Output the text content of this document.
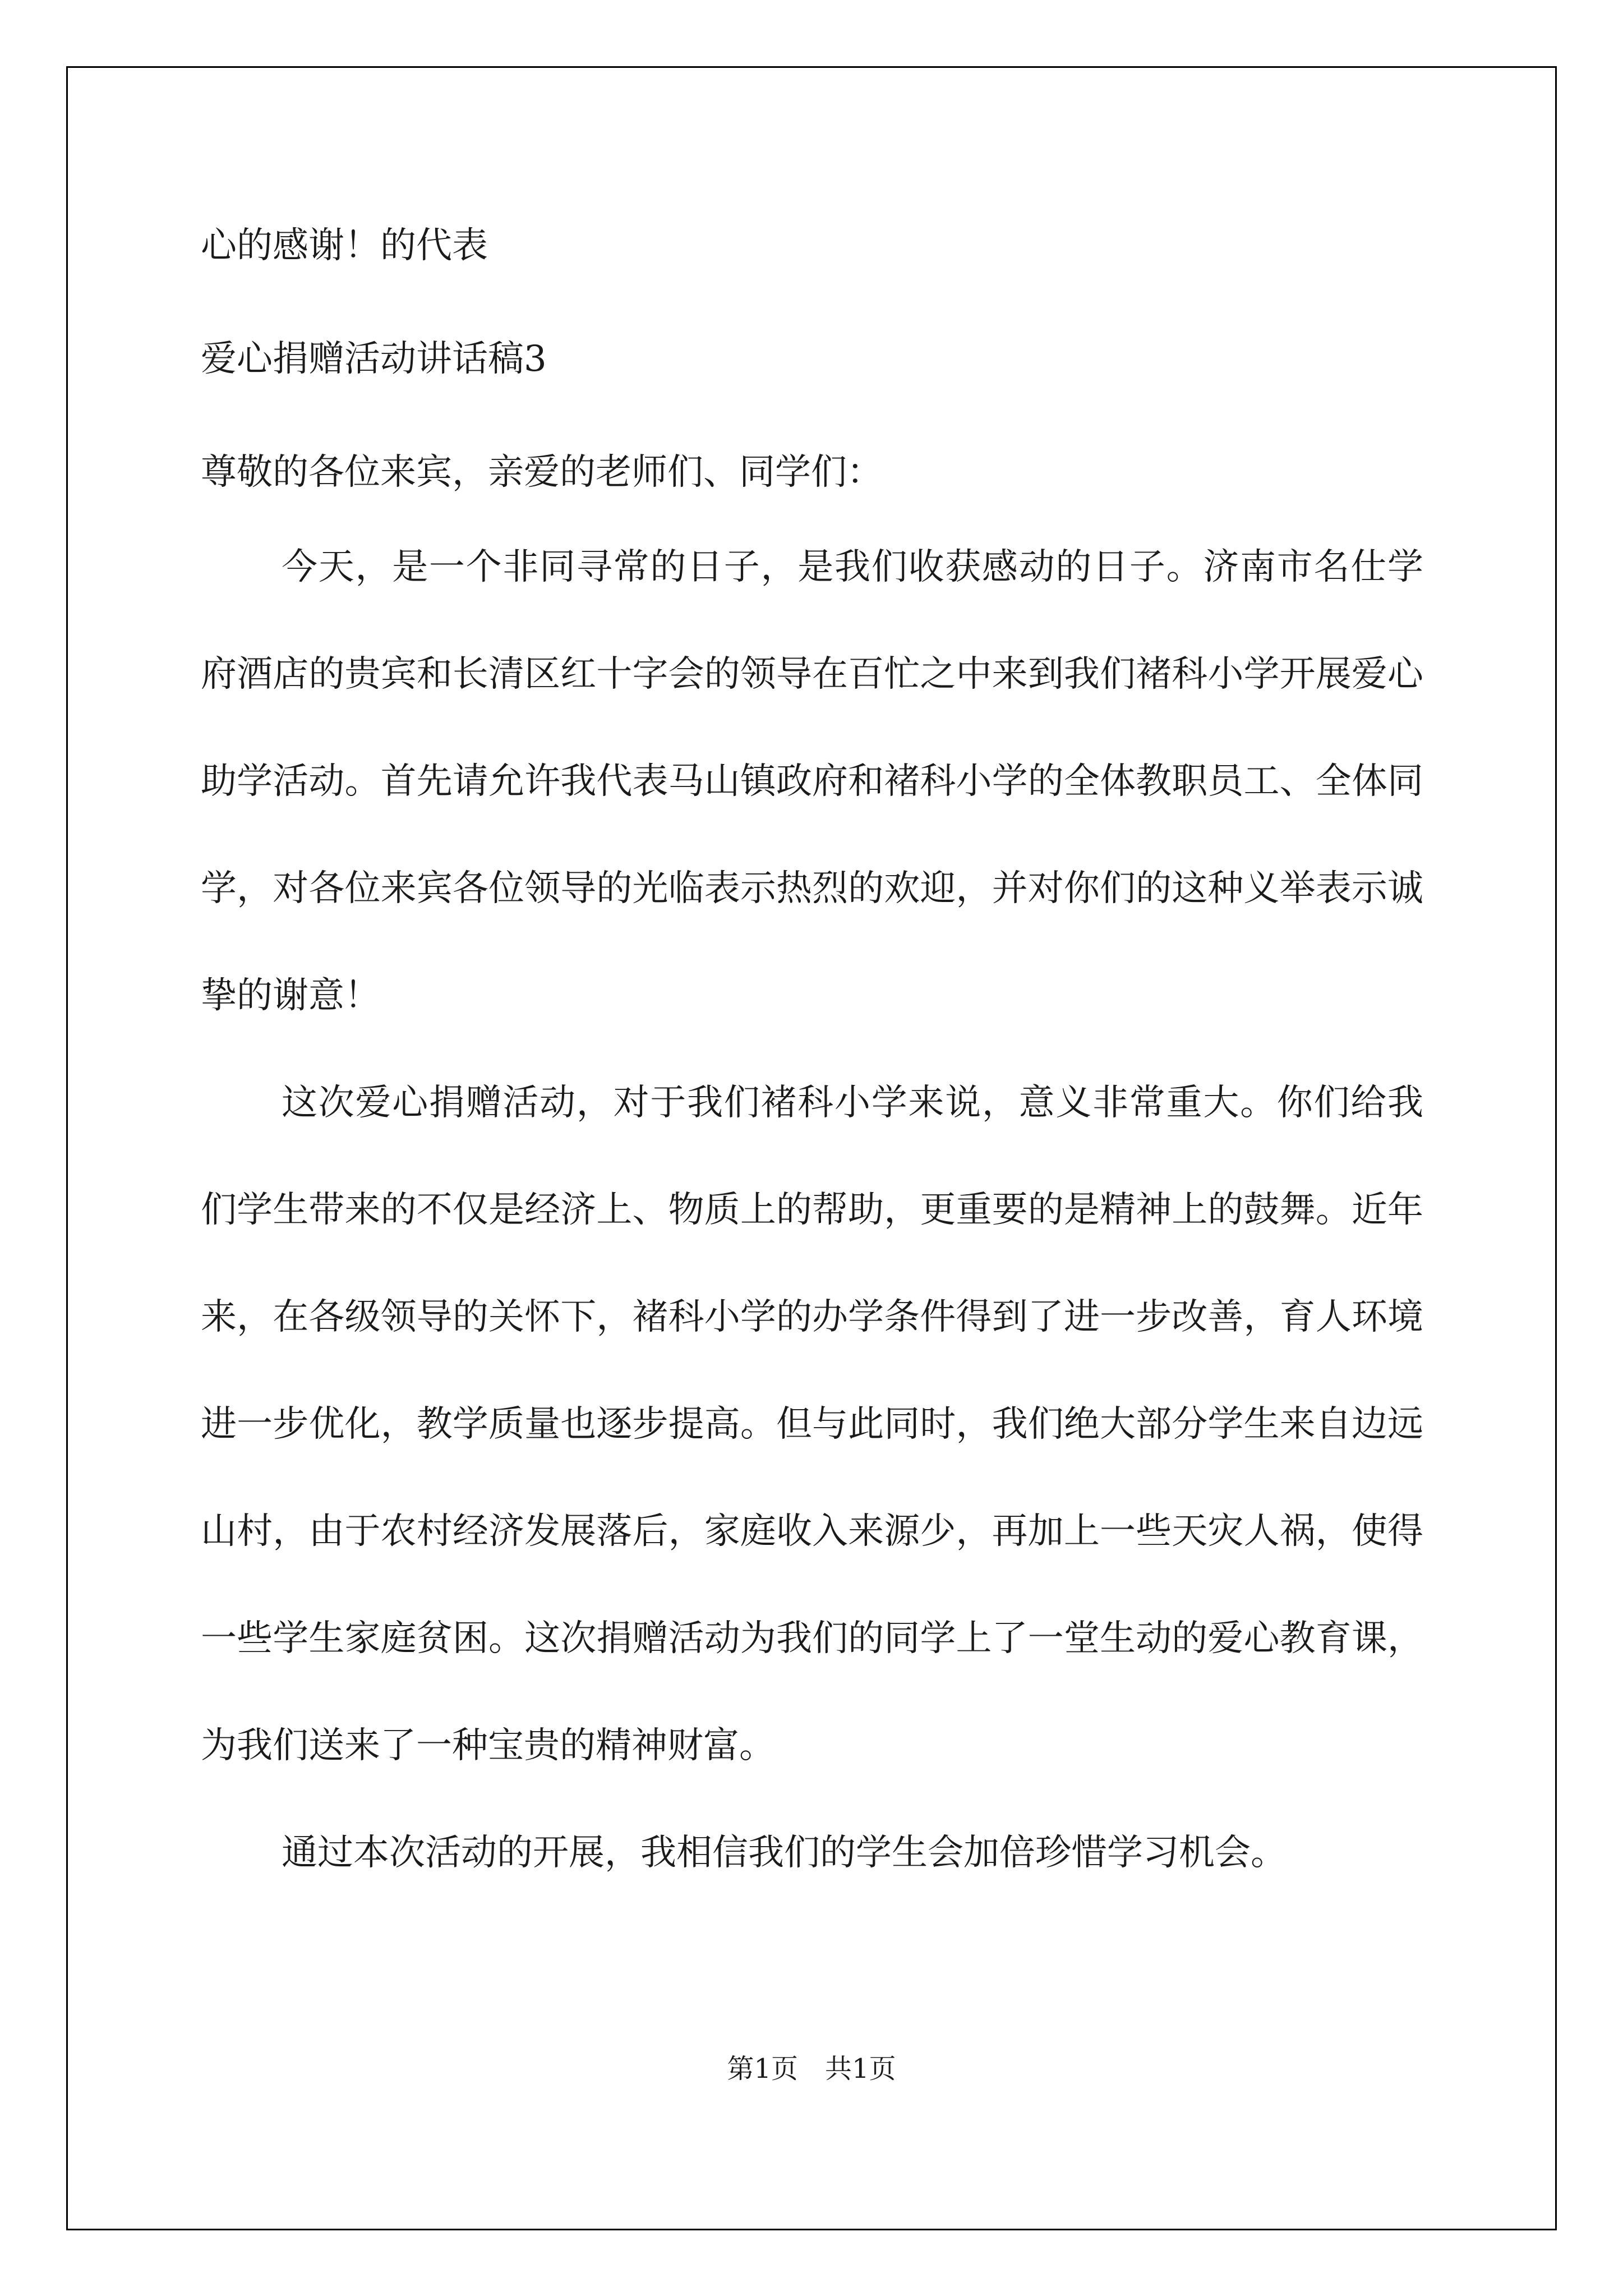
心的感谢！的代表

爱心捐赠活动讲话稿3

尊敬的各位来宾，亲爱的老师们、同学们：

今天，是一个非同寻常的日子，是我们收获感动的日子。济南市名仕学府酒店的贵宾和长清区红十字会的领导在百忙之中来到我们褚科小学开展爱心助学活动。首先请允许我代表马山镇政府和褚科小学的全体教职员工、全体同学，对各位来宾各位领导的光临表示热烈的欢迎，并对你们的这种义举表示诚挚的谢意！

这次爱心捐赠活动，对于我们褚科小学来说，意义非常重大。你们给我们学生带来的不仅是经济上、物质上的帮助，更重要的是精神上的鼓舞。近年来，在各级领导的关怀下，褚科小学的办学条件得到了进一步改善，育人环境进一步优化，教学质量也逐步提高。但与此同时，我们绝大部分学生来自边远山村，由于农村经济发展落后，家庭收入来源少，再加上一些天灾人祸，使得一些学生家庭贫困。这次捐赠活动为我们的同学上了一堂生动的爱心教育课，为我们送来了一种宝贵的精神财富。

通过本次活动的开展，我相信我们的学生会加倍珍惜学习机会。

第1页　共1页
